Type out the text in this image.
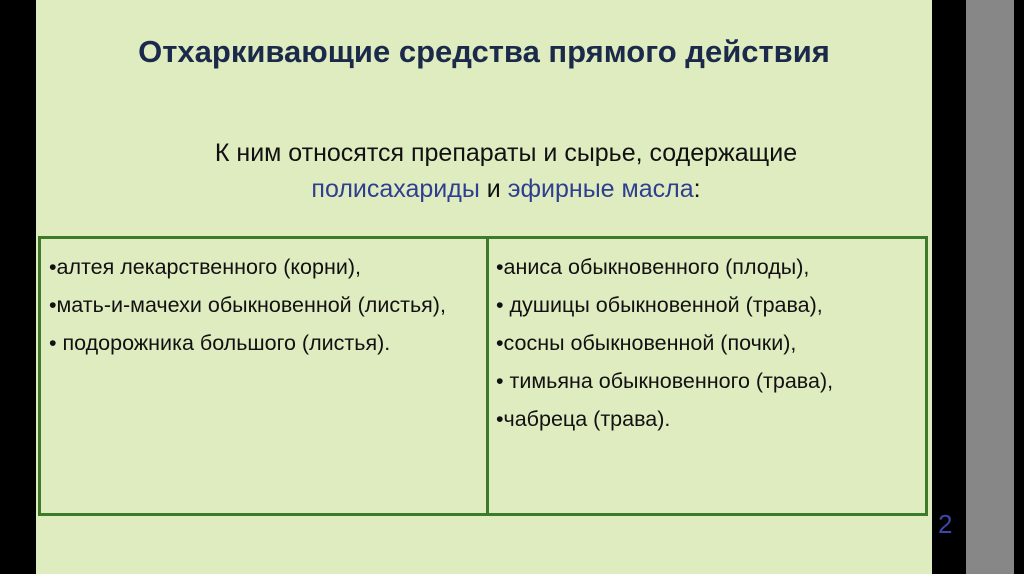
Отхаркивающие средства прямого действия
К ним относятся препараты и сырье, содержащие
полисахариды и эфирные масла:
•алтея лекарственного (корни),
•мать-и-мачехи обыкновенной (листья),
• подорожника большого (листья).
•аниса обыкновенного (плоды),
• душицы обыкновенной (трава),
•сосны обыкновенной (почки),
• тимьяна обыкновенного (трава),
•чабреца (трава).
2
